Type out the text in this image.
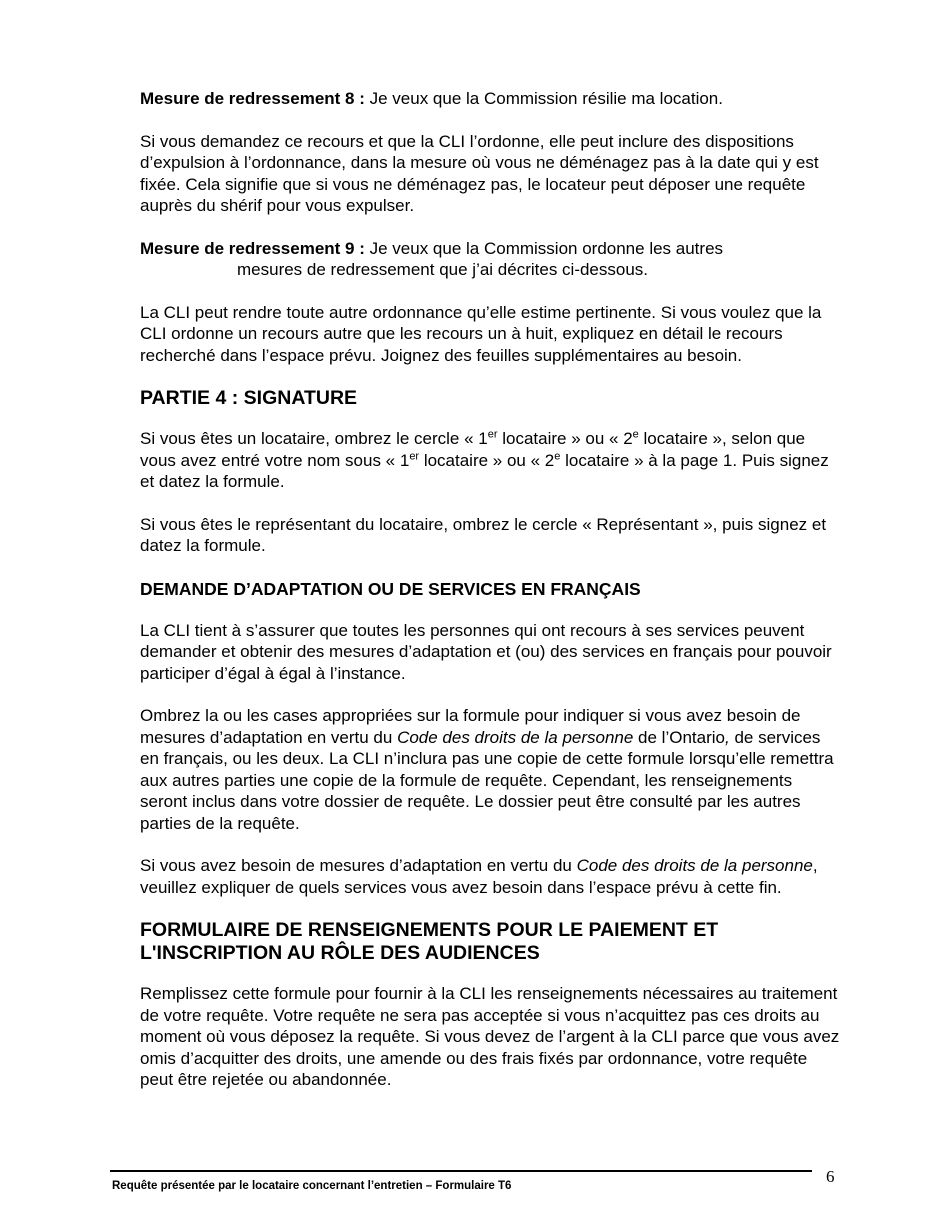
Mesure de redressement 8 : Je veux que la Commission résilie ma location.

Si vous demandez ce recours et que la CLI l’ordonne, elle peut inclure des dispositions d’expulsion à l’ordonnance, dans la mesure où vous ne déménagez pas à la date qui y est fixée. Cela signifie que si vous ne déménagez pas, le locateur peut déposer une requête auprès du shérif pour vous expulser.

Mesure de redressement 9 : Je veux que la Commission ordonne les autres

mesures de redressement que j’ai décrites ci-dessous.

La CLI peut rendre toute autre ordonnance qu’elle estime pertinente. Si vous voulez que la CLI ordonne un recours autre que les recours un à huit, expliquez en détail le recours recherché dans l’espace prévu. Joignez des feuilles supplémentaires au besoin.

PARTIE 4 : SIGNATURE

Si vous êtes un locataire, ombrez le cercle « 1er locataire » ou « 2e locataire », selon que vous avez entré votre nom sous « 1er locataire » ou « 2e locataire » à la page 1. Puis signez et datez la formule.

Si vous êtes le représentant du locataire, ombrez le cercle « Représentant », puis signez et datez la formule.

DEMANDE D’ADAPTATION OU DE SERVICES EN FRANÇAIS

La CLI tient à s’assurer que toutes les personnes qui ont recours à ses services peuvent demander et obtenir des mesures d’adaptation et (ou) des services en français pour pouvoir participer d’égal à égal à l’instance.

Ombrez la ou les cases appropriées sur la formule pour indiquer si vous avez besoin de mesures d’adaptation en vertu du Code des droits de la personne de l’Ontario, de services en français, ou les deux. La CLI n’inclura pas une copie de cette formule lorsqu’elle remettra aux autres parties une copie de la formule de requête. Cependant, les renseignements seront inclus dans votre dossier de requête. Le dossier peut être consulté par les autres parties de la requête.

Si vous avez besoin de mesures d’adaptation en vertu du Code des droits de la personne, veuillez expliquer de quels services vous avez besoin dans l’espace prévu à cette fin.

FORMULAIRE DE RENSEIGNEMENTS POUR LE PAIEMENT ET
L'INSCRIPTION AU RÔLE DES AUDIENCES

Remplissez cette formule pour fournir à la CLI les renseignements nécessaires au traitement de votre requête. Votre requête ne sera pas acceptée si vous n’acquittez pas ces droits au moment où vous déposez la requête. Si vous devez de l’argent à la CLI parce que vous avez omis d’acquitter des droits, une amende ou des frais fixés par ordonnance, votre requête peut être rejetée ou abandonnée.

Requête présentée par le locataire concernant l’entretien – Formulaire T6	6
